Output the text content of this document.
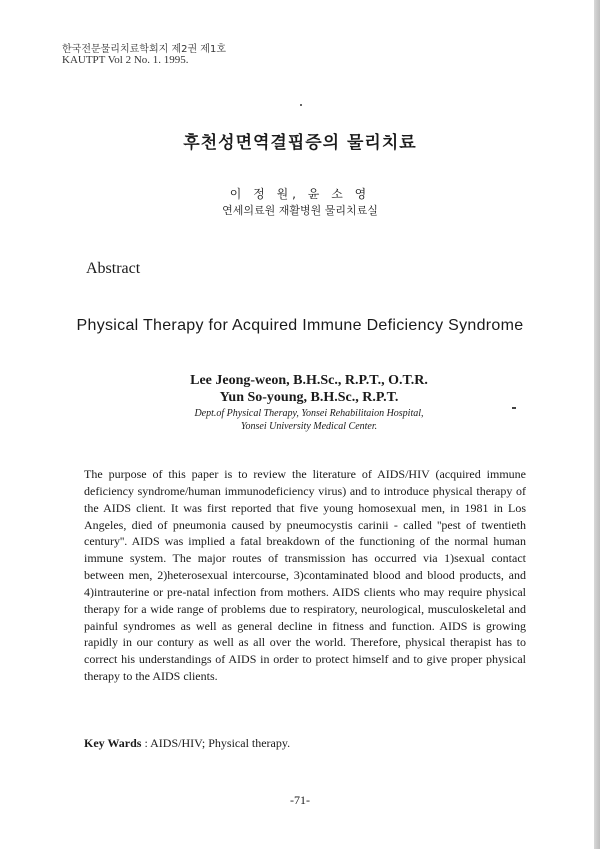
한국전문물리치료학회지 제2권 제1호
KAUTPT Vol 2 No. 1. 1995.
후천성면역결핍증의 물리치료
이 정 원, 윤 소 영
연세의료원 재활병원 물리치료실
Abstract
Physical Therapy for Acquired Immune Deficiency Syndrome
Lee Jeong-weon, B.H.Sc., R.P.T., O.T.R.
Yun So-young, B.H.Sc., R.P.T.
Dept.of Physical Therapy, Yonsei Rehabilitaion Hospital,
Yonsei University Medical Center.
The purpose of this paper is to review the literature of AIDS/HIV (acquired immune deficiency syndrome/human immunodeficiency virus) and to introduce physical therapy of the AIDS client. It was first reported that five young homosexual men, in 1981 in Los Angeles, died of pneumonia caused by pneumocystis carinii - called ''pest of twentieth century''. AIDS was implied a fatal breakdown of the functioning of the normal human immune system. The major routes of transmission has occurred via 1)sexual contact between men, 2)heterosexual intercourse, 3)contaminated blood and blood products, and 4)intrauterine or pre-natal infection from mothers. AIDS clients who may require physical therapy for a wide range of problems due to respiratory, neurological, musculoskeletal and painful syndromes as well as general decline in fitness and function. AIDS is growing rapidly in our contury as well as all over the world. Therefore, physical therapist has to correct his understandings of AIDS in order to protect himself and to give proper physical therapy to the AIDS clients.
Key Wards : AIDS/HIV; Physical therapy.
-71-
